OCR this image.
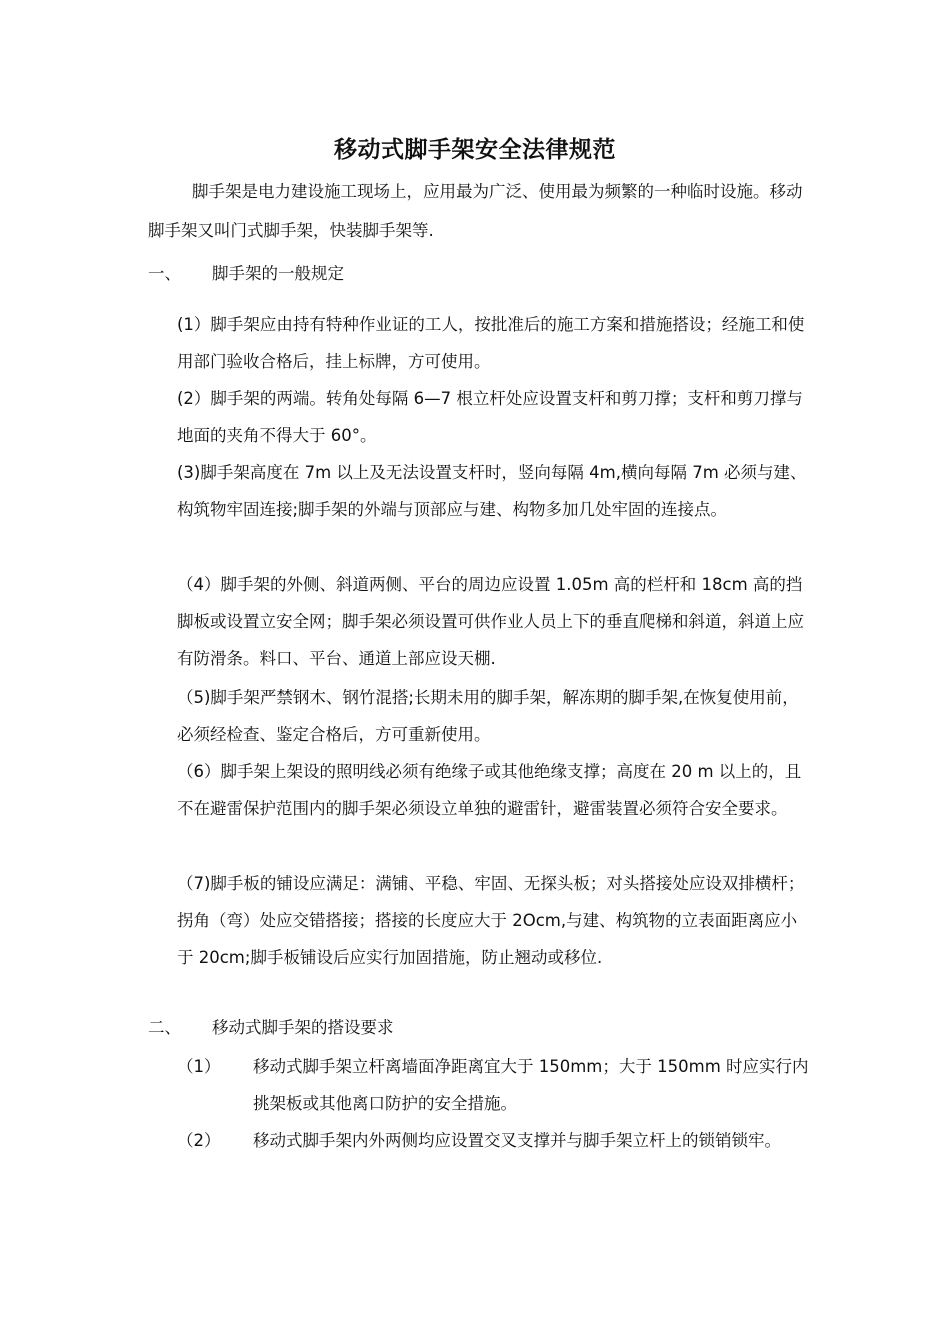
移动式脚手架安全法律规范

脚手架是电力建设施工现场上，应用最为广泛、使用最为频繁的一种临时设施。移动脚手架又叫门式脚手架，快装脚手架等.

一、 脚手架的一般规定

(1）脚手架应由持有特种作业证的工人，按批准后的施工方案和措施搭设；经施工和使用部门验收合格后，挂上标牌，方可使用。

(2）脚手架的两端。转角处每隔 6—7 根立杆处应设置支杆和剪刀撑；支杆和剪刀撑与地面的夹角不得大于 60°。

(3)脚手架高度在 7m 以上及无法设置支杆时，竖向每隔 4m,横向每隔 7m 必须与建、构筑物牢固连接;脚手架的外端与顶部应与建、构物多加几处牢固的连接点。

（4）脚手架的外侧、斜道两侧、平台的周边应设置 1.05m 高的栏杆和 18cm 高的挡脚板或设置立安全网；脚手架必须设置可供作业人员上下的垂直爬梯和斜道，斜道上应有防滑条。料口、平台、通道上部应设天棚.

（5)脚手架严禁钢木、钢竹混搭;长期未用的脚手架，解冻期的脚手架,在恢复使用前，必须经检查、鉴定合格后，方可重新使用。

（6）脚手架上架设的照明线必须有绝缘子或其他绝缘支撑；高度在 20 m 以上的，且不在避雷保护范围内的脚手架必须设立单独的避雷针，避雷装置必须符合安全要求。

（7)脚手板的铺设应满足：满铺、平稳、牢固、无探头板；对头搭接处应设双排横杆；拐角（弯）处应交错搭接；搭接的长度应大于 2Ocm,与建、构筑物的立表面距离应小于 20cm;脚手板铺设后应实行加固措施，防止翘动或移位.

二、 移动式脚手架的搭设要求
（1） 移动式脚手架立杆离墙面净距离宜大于 150mm；大于 150mm 时应实行内挑架板或其他离口防护的安全措施。
（2） 移动式脚手架内外两侧均应设置交叉支撑并与脚手架立杆上的锁销锁牢。
